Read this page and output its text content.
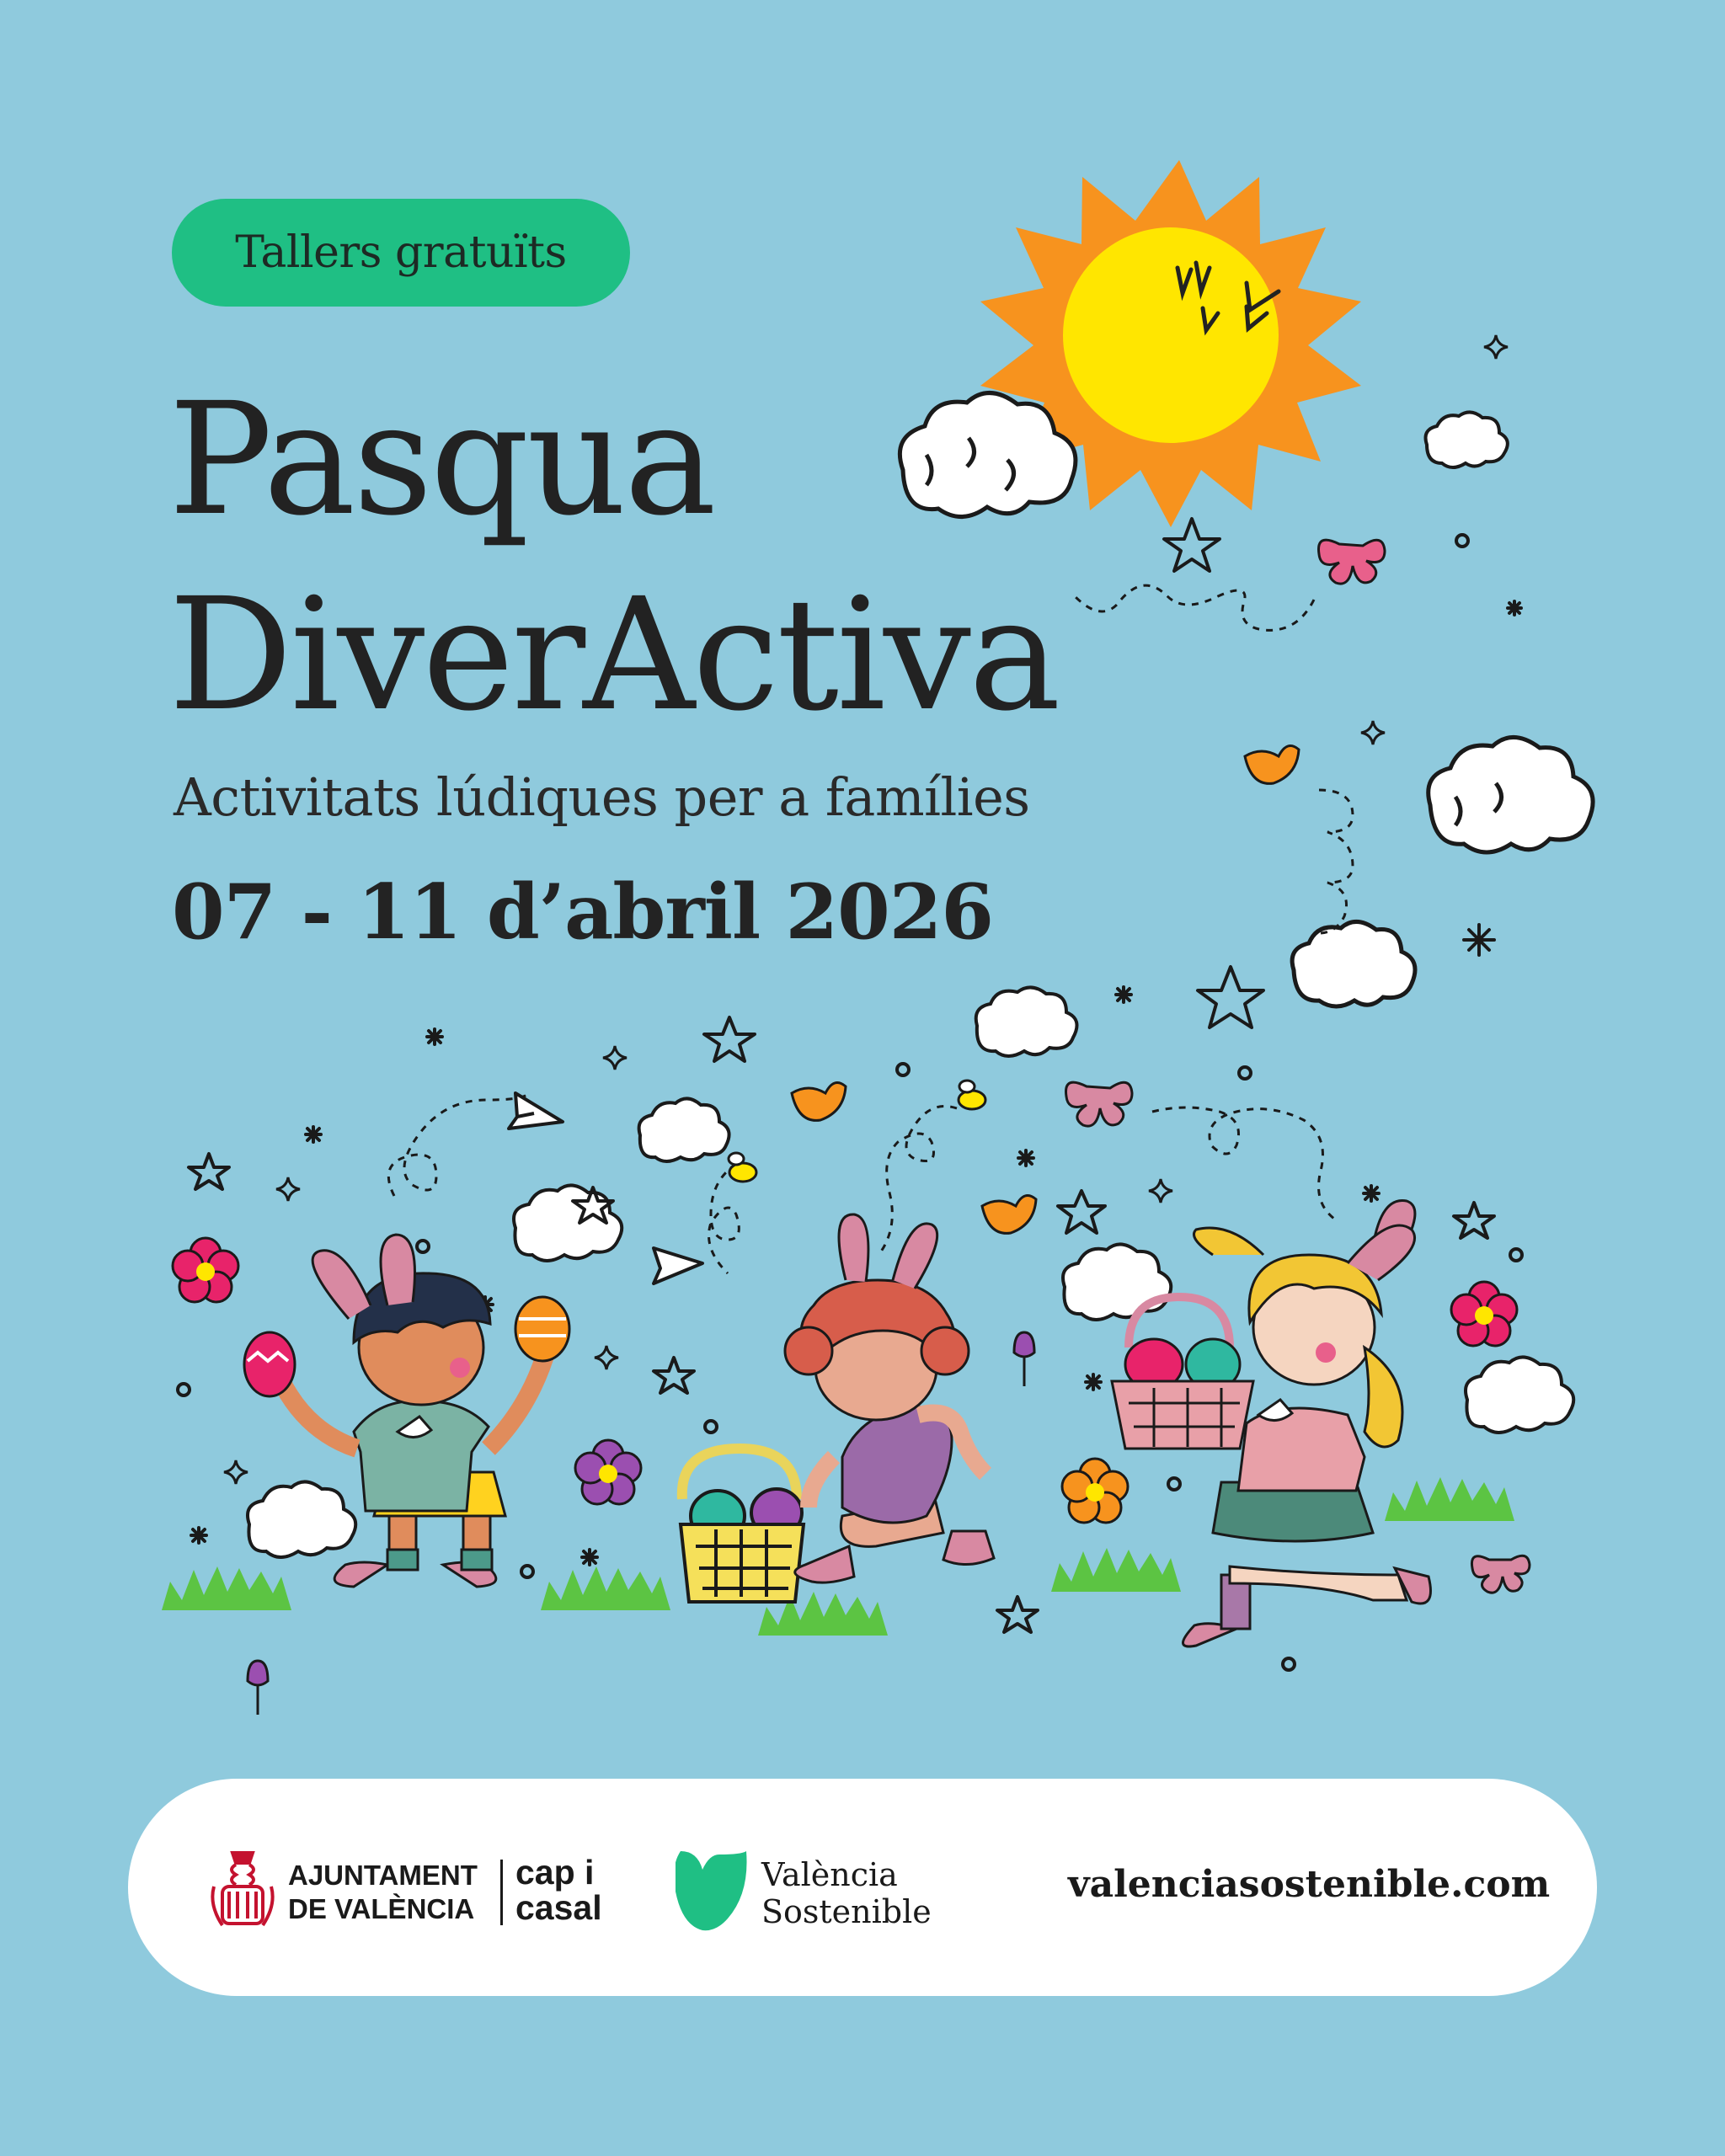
Tallers gratuïts
Pasqua
DiverActiva
Activitats lúdiques per a famílies
07 - 11 d’abril 2026
AJUNTAMENT
DE VALÈNCIA
cap i
casal
València
Sostenible
valenciasostenible.com
